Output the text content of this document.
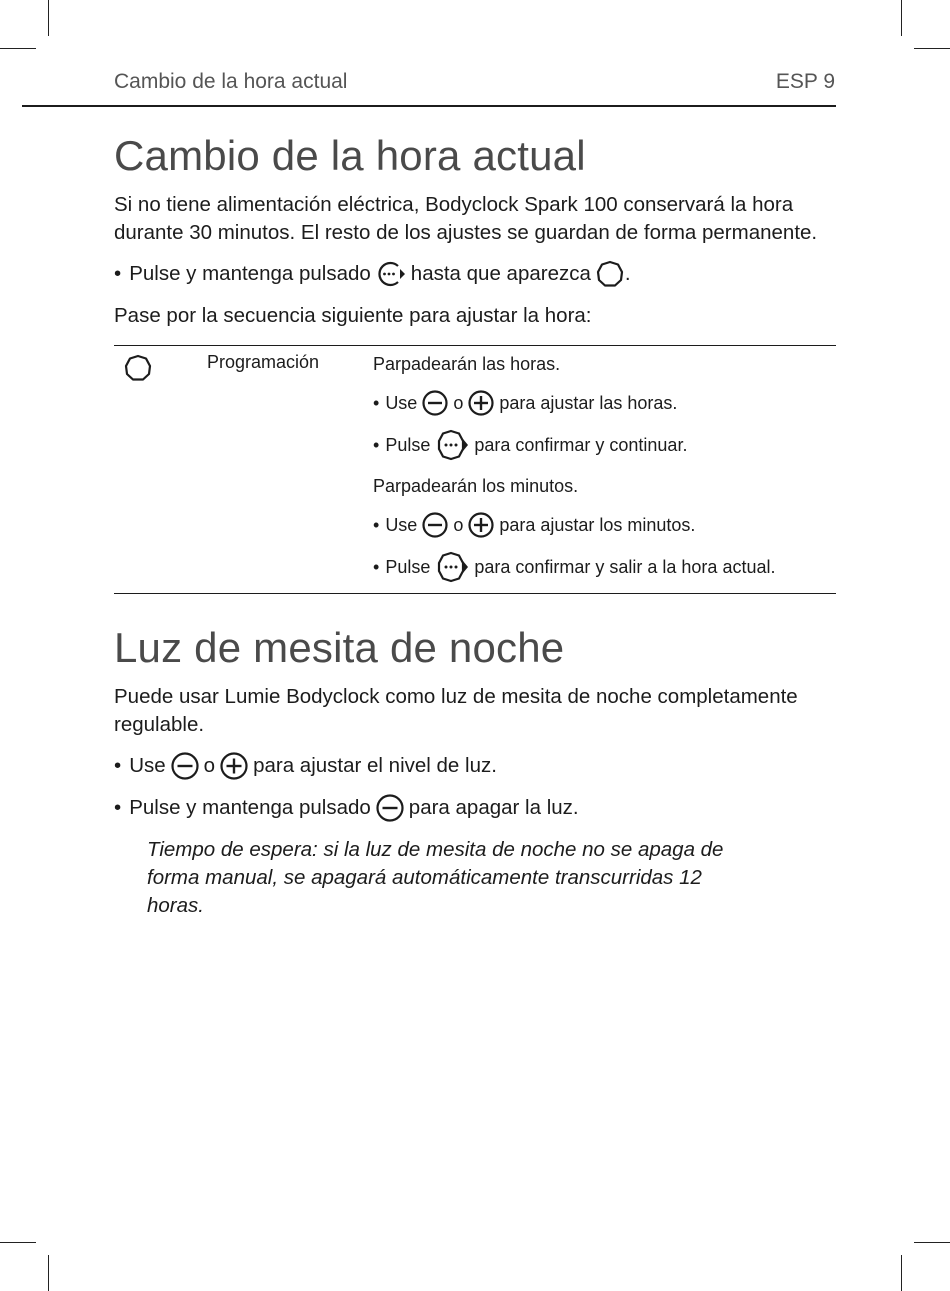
Cambio de la hora actual	ESP 9
Cambio de la hora actual

Si no tiene alimentación eléctrica, Bodyclock Spark 100 conservará la hora durante 30 minutos. El resto de los ajustes se guardan de forma permanente.

• Pulse y mantenga pulsado hasta que aparezca .

Pase por la secuencia siguiente para ajustar la hora:

	Programación	Parpadearán las horas.
• Use o para ajustar las horas.
• Pulse para confirmar y continuar.
Parpadearán los minutos.
• Use o para ajustar los minutos.
• Pulse para confirmar y salir a la hora actual.
Luz de mesita de noche

Puede usar Lumie Bodyclock como luz de mesita de noche completamente regulable.

• Use o para ajustar el nivel de luz.
• Pulse y mantenga pulsado para apagar la luz.

Tiempo de espera: si la luz de mesita de noche no se apaga de forma manual, se apagará automáticamente transcurridas 12 horas.
